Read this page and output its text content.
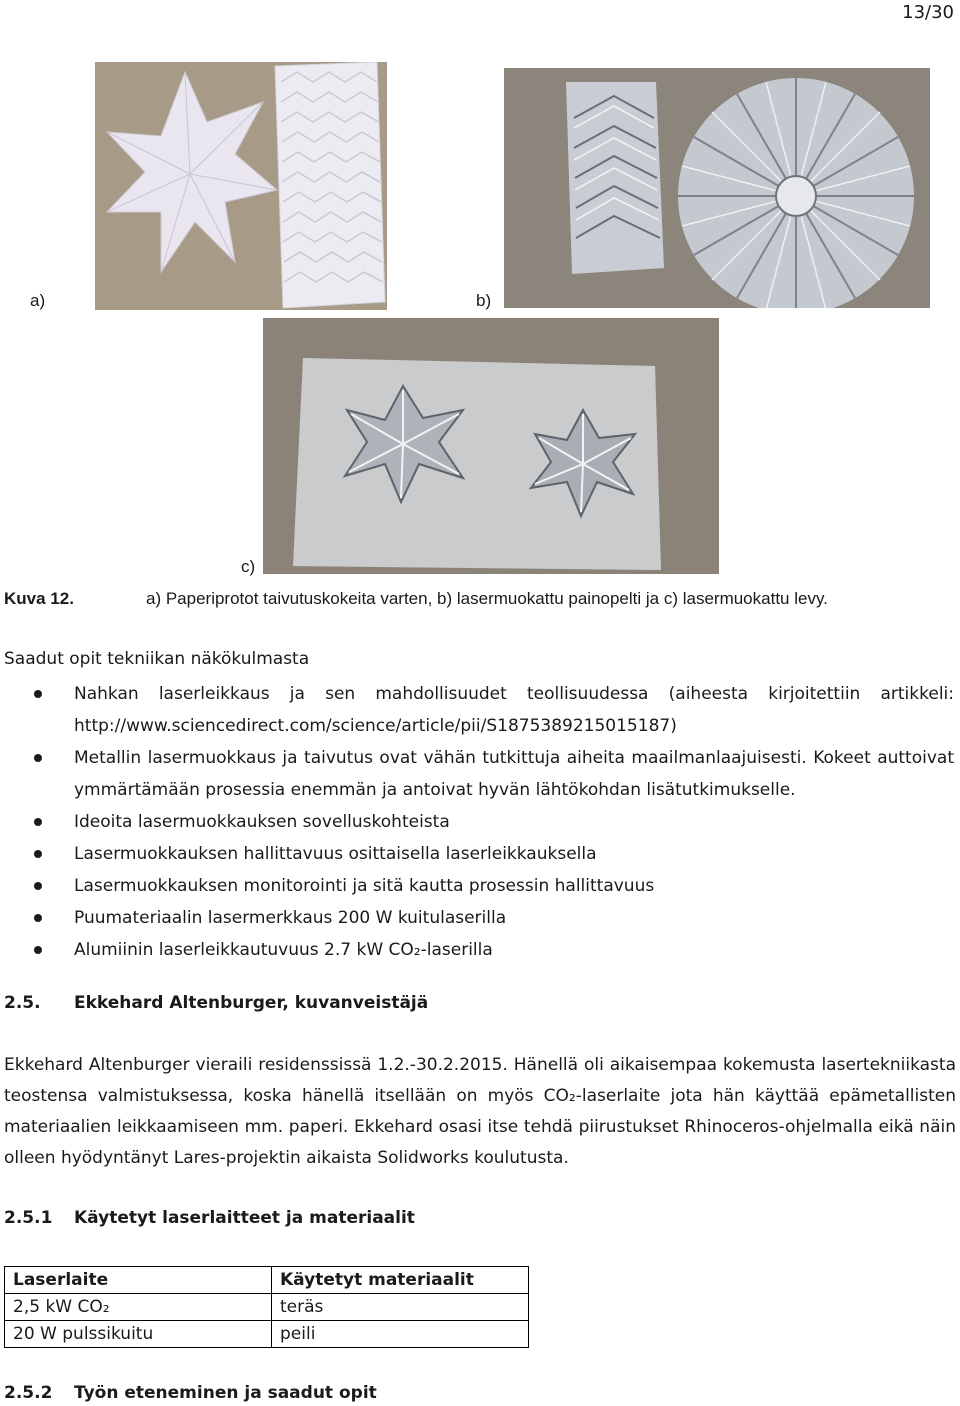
13/30
a)	b)
c)
Kuva 12.	a) Paperiprotot taivutuskokeita varten, b) lasermuokattu painopelti ja c) lasermuokattu levy.
Saadut opit tekniikan näkökulmasta
Nahkan laserleikkaus ja sen mahdollisuudet teollisuudessa (aiheesta kirjoitettiin artikkeli: http://www.sciencedirect.com/science/article/pii/S1875389215015187)
Metallin lasermuokkaus ja taivutus ovat vähän tutkittuja aiheita maailmanlaajuisesti. Kokeet auttoivat ymmärtämään prosessia enemmän ja antoivat hyvän lähtökohdan lisätutkimukselle.
Ideoita lasermuokkauksen sovelluskohteista
Lasermuokkauksen hallittavuus osittaisella laserleikkauksella
Lasermuokkauksen monitorointi ja sitä kautta prosessin hallittavuus
Puumateriaalin lasermerkkaus 200 W kuitulaserilla
Alumiinin laserleikkautuvuus 2.7 kW CO₂-laserilla
2.5. Ekkehard Altenburger, kuvanveistäjä
Ekkehard Altenburger vieraili residenssissä 1.2.-30.2.2015. Hänellä oli aikaisempaa kokemusta lasertekniikasta teostensa valmistuksessa, koska hänellä itsellään on myös CO₂-laserlaite jota hän käyttää epämetallisten materiaalien leikkaamiseen mm. paperi. Ekkehard osasi itse tehdä piirustukset Rhinoceros-ohjelmalla eikä näin olleen hyödyntänyt Lares-projektin aikaista Solidworks koulutusta.
2.5.1 Käytetyt laserlaitteet ja materiaalit
Laserlaite	Käytetyt materiaalit
2,5 kW CO₂	teräs
20 W pulssikuitu	peili
2.5.2 Työn eteneminen ja saadut opit
